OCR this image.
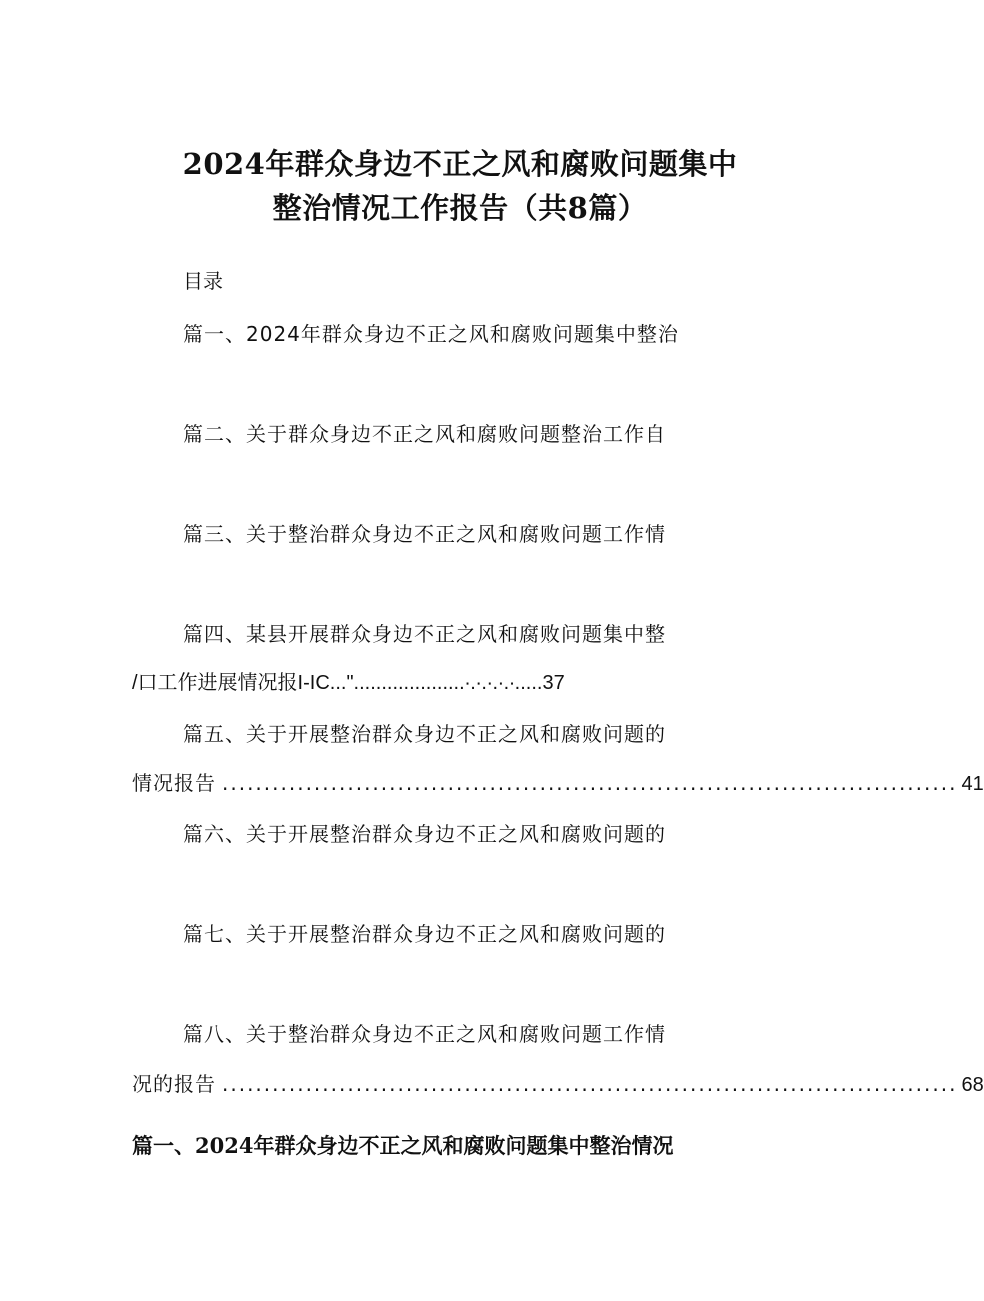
2024年群众身边不正之风和腐败问题集中
整治情况工作报告（共8篇）
目录
篇一、2024年群众身边不正之风和腐败问题集中整治
篇二、关于群众身边不正之风和腐败问题整治工作自
篇三、关于整治群众身边不正之风和腐败问题工作情
篇四、某县开展群众身边不正之风和腐败问题集中整
/口工作进展情况报I-IC..."....................∙.∙.∙.∙.∙.....37
篇五、关于开展整治群众身边不正之风和腐败问题的
情况报告 ........................................................................................ 41
篇六、关于开展整治群众身边不正之风和腐败问题的
篇七、关于开展整治群众身边不正之风和腐败问题的
篇八、关于整治群众身边不正之风和腐败问题工作情
况的报告 ........................................................................................ 68
篇一、2024年群众身边不正之风和腐败问题集中整治情况
